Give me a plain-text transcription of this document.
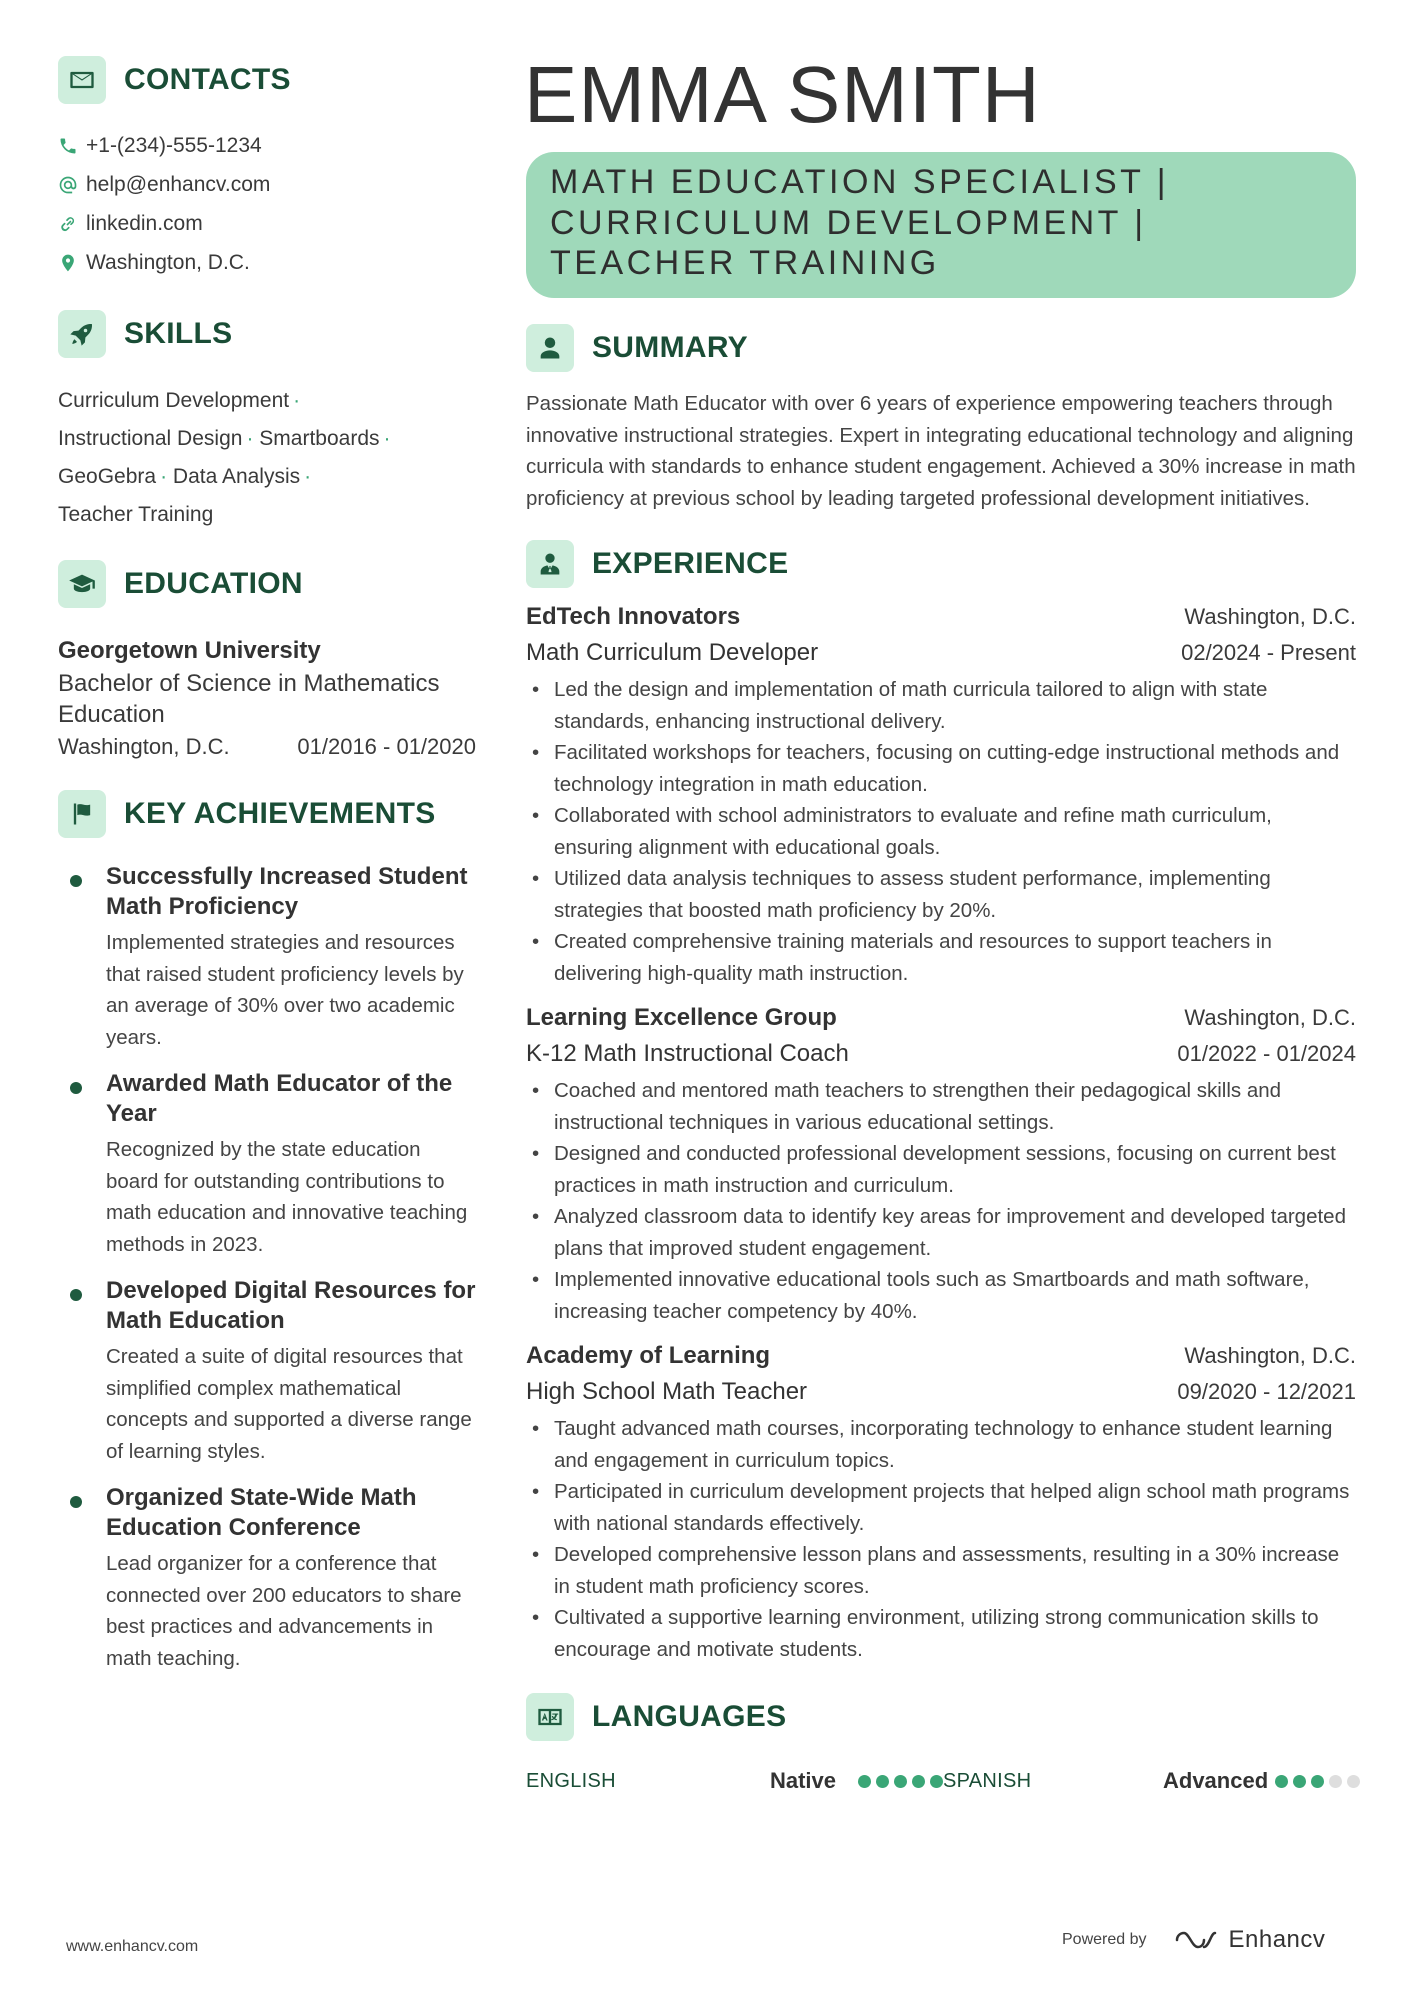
CONTACTS
+1-(234)-555-1234
help@enhancv.com
linkedin.com
Washington, D.C.
SKILLS
Curriculum Development ·
Instructional Design · Smartboards ·
GeoGebra · Data Analysis ·
Teacher Training
EDUCATION
Georgetown University
Bachelor of Science in Mathematics Education
Washington, D.C.	01/2016 - 01/2020
KEY ACHIEVEMENTS
Successfully Increased Student Math Proficiency
Implemented strategies and resources that raised student proficiency levels by an average of 30% over two academic years.
Awarded Math Educator of the Year
Recognized by the state education board for outstanding contributions to math education and innovative teaching methods in 2023.
Developed Digital Resources for Math Education
Created a suite of digital resources that simplified complex mathematical concepts and supported a diverse range of learning styles.
Organized State-Wide Math Education Conference
Lead organizer for a conference that connected over 200 educators to share best practices and advancements in math teaching.
EMMA SMITH
MATH EDUCATION SPECIALIST | CURRICULUM DEVELOPMENT | TEACHER TRAINING
SUMMARY
Passionate Math Educator with over 6 years of experience empowering teachers through innovative instructional strategies. Expert in integrating educational technology and aligning curricula with standards to enhance student engagement. Achieved a 30% increase in math proficiency at previous school by leading targeted professional development initiatives.
EXPERIENCE
EdTech Innovators	Washington, D.C.
Math Curriculum Developer	02/2024 - Present
• Led the design and implementation of math curricula tailored to align with state standards, enhancing instructional delivery.
• Facilitated workshops for teachers, focusing on cutting-edge instructional methods and technology integration in math education.
• Collaborated with school administrators to evaluate and refine math curriculum, ensuring alignment with educational goals.
• Utilized data analysis techniques to assess student performance, implementing strategies that boosted math proficiency by 20%.
• Created comprehensive training materials and resources to support teachers in delivering high-quality math instruction.
Learning Excellence Group	Washington, D.C.
K-12 Math Instructional Coach	01/2022 - 01/2024
• Coached and mentored math teachers to strengthen their pedagogical skills and instructional techniques in various educational settings.
• Designed and conducted professional development sessions, focusing on current best practices in math instruction and curriculum.
• Analyzed classroom data to identify key areas for improvement and developed targeted plans that improved student engagement.
• Implemented innovative educational tools such as Smartboards and math software, increasing teacher competency by 40%.
Academy of Learning	Washington, D.C.
High School Math Teacher	09/2020 - 12/2021
• Taught advanced math courses, incorporating technology to enhance student learning and engagement in curriculum topics.
• Participated in curriculum development projects that helped align school math programs with national standards effectively.
• Developed comprehensive lesson plans and assessments, resulting in a 30% increase in student math proficiency scores.
• Cultivated a supportive learning environment, utilizing strong communication skills to encourage and motivate students.
LANGUAGES
ENGLISH	Native	SPANISH	Advanced
www.enhancv.com	Powered by	Enhancv
